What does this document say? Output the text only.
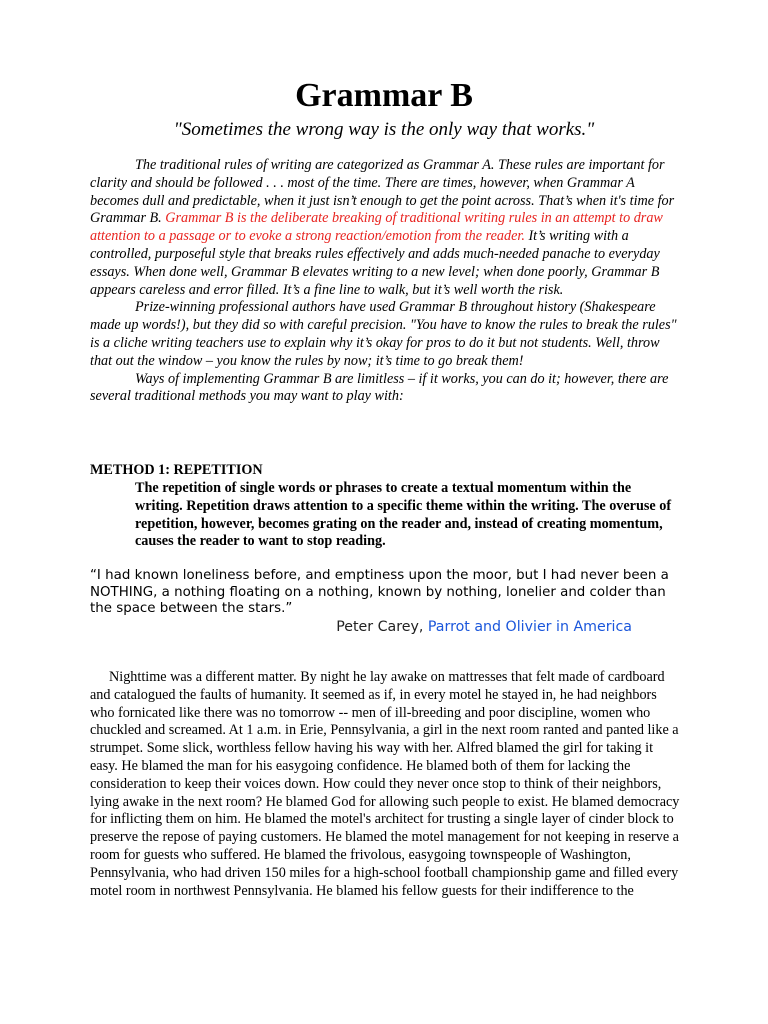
Grammar B
"Sometimes the wrong way is the only way that works."

The traditional rules of writing are categorized as Grammar A. These rules are important for clarity and should be followed . . . most of the time. There are times, however, when Grammar A becomes dull and predictable, when it just isn’t enough to get the point across. That’s when it's time for Grammar B. Grammar B is the deliberate breaking of traditional writing rules in an attempt to draw attention to a passage or to evoke a strong reaction/emotion from the reader. It’s writing with a controlled, purposeful style that breaks rules effectively and adds much-needed panache to everyday essays. When done well, Grammar B elevates writing to a new level; when done poorly, Grammar B appears careless and error filled. It’s a fine line to walk, but it’s well worth the risk.

Prize-winning professional authors have used Grammar B throughout history (Shakespeare made up words!), but they did so with careful precision. "You have to know the rules to break the rules" is a cliche writing teachers use to explain why it’s okay for pros to do it but not students. Well, throw that out the window – you know the rules by now; it’s time to go break them!

Ways of implementing Grammar B are limitless – if it works, you can do it; however, there are several traditional methods you may want to play with:

METHOD 1: REPETITION
The repetition of single words or phrases to create a textual momentum within the writing. Repetition draws attention to a specific theme within the writing. The overuse of repetition, however, becomes grating on the reader and, instead of creating momentum, causes the reader to want to stop reading.
“I had known loneliness before, and emptiness upon the moor, but I had never been a NOTHING, a nothing floating on a nothing, known by nothing, lonelier and colder than the space between the stars.”
Peter Carey, Parrot and Olivier in America

Nighttime was a different matter. By night he lay awake on mattresses that felt made of cardboard and catalogued the faults of humanity. It seemed as if, in every motel he stayed in, he had neighbors who fornicated like there was no tomorrow -- men of ill-breeding and poor discipline, women who chuckled and screamed. At 1 a.m. in Erie, Pennsylvania, a girl in the next room ranted and panted like a strumpet. Some slick, worthless fellow having his way with her. Alfred blamed the girl for taking it easy. He blamed the man for his easygoing confidence. He blamed both of them for lacking the consideration to keep their voices down. How could they never once stop to think of their neighbors, lying awake in the next room? He blamed God for allowing such people to exist. He blamed democracy for inflicting them on him. He blamed the motel's architect for trusting a single layer of cinder block to preserve the repose of paying customers. He blamed the motel management for not keeping in reserve a room for guests who suffered. He blamed the frivolous, easygoing townspeople of Washington, Pennsylvania, who had driven 150 miles for a high-school football championship game and filled every motel room in northwest Pennsylvania. He blamed his fellow guests for their indifference to the
